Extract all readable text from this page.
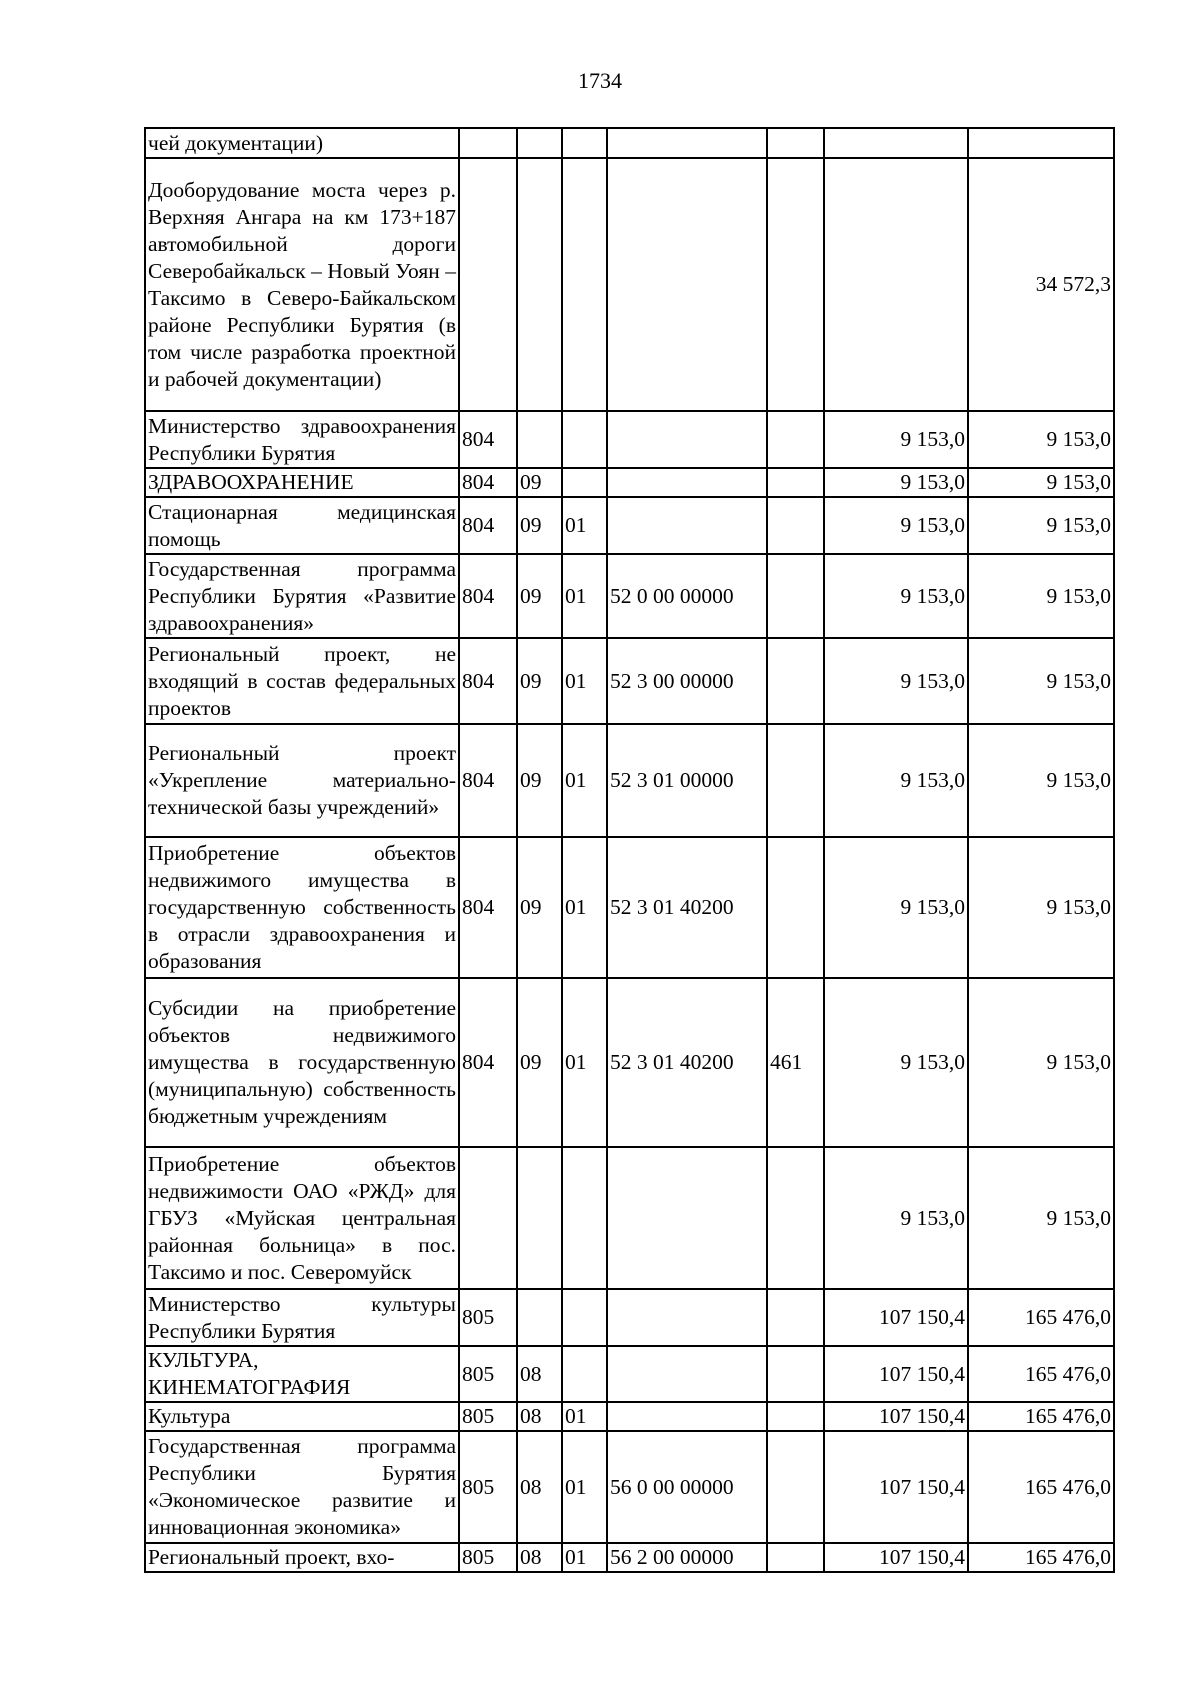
1734
чей документации)							
Дооборудование моста через р. Верхняя Ангара на км 173+187 автомобильной дороги Северобайкальск – Новый Уоян – Таксимо в Северо-Байкальском районе Республики Бурятия (в том числе разработка проектной и рабочей документации)							34 572,3
Министерство здравоохранения Республики Бурятия	804					9 153,0	9 153,0
ЗДРАВООХРАНЕНИЕ	804	09				9 153,0	9 153,0
Стационарная медицинская помощь	804	09	01			9 153,0	9 153,0
Государственная программа Республики Бурятия «Развитие здравоохранения»	804	09	01	52 0 00 00000		9 153,0	9 153,0
Региональный проект, не входящий в состав федеральных проектов	804	09	01	52 3 00 00000		9 153,0	9 153,0
Региональный проект «Укрепление материально-технической базы учреждений»	804	09	01	52 3 01 00000		9 153,0	9 153,0
Приобретение объектов недвижимого имущества в государственную собственность в отрасли здравоохранения и образования	804	09	01	52 3 01 40200		9 153,0	9 153,0
Субсидии на приобретение объектов недвижимого имущества в государственную (муниципальную) собственность бюджетным учреждениям	804	09	01	52 3 01 40200	461	9 153,0	9 153,0
Приобретение объектов недвижимости ОАО «РЖД» для ГБУЗ «Муйская центральная районная больница» в пос. Таксимо и пос. Северомуйск						9 153,0	9 153,0
Министерство культуры Республики Бурятия	805					107 150,4	165 476,0
КУЛЬТУРА, КИНЕМАТОГРАФИЯ	805	08				107 150,4	165 476,0
Культура	805	08	01			107 150,4	165 476,0
Государственная программа Республики Бурятия «Экономическое развитие и инновационная экономика»	805	08	01	56 0 00 00000		107 150,4	165 476,0
Региональный проект, вхо-	805	08	01	56 2 00 00000		107 150,4	165 476,0
